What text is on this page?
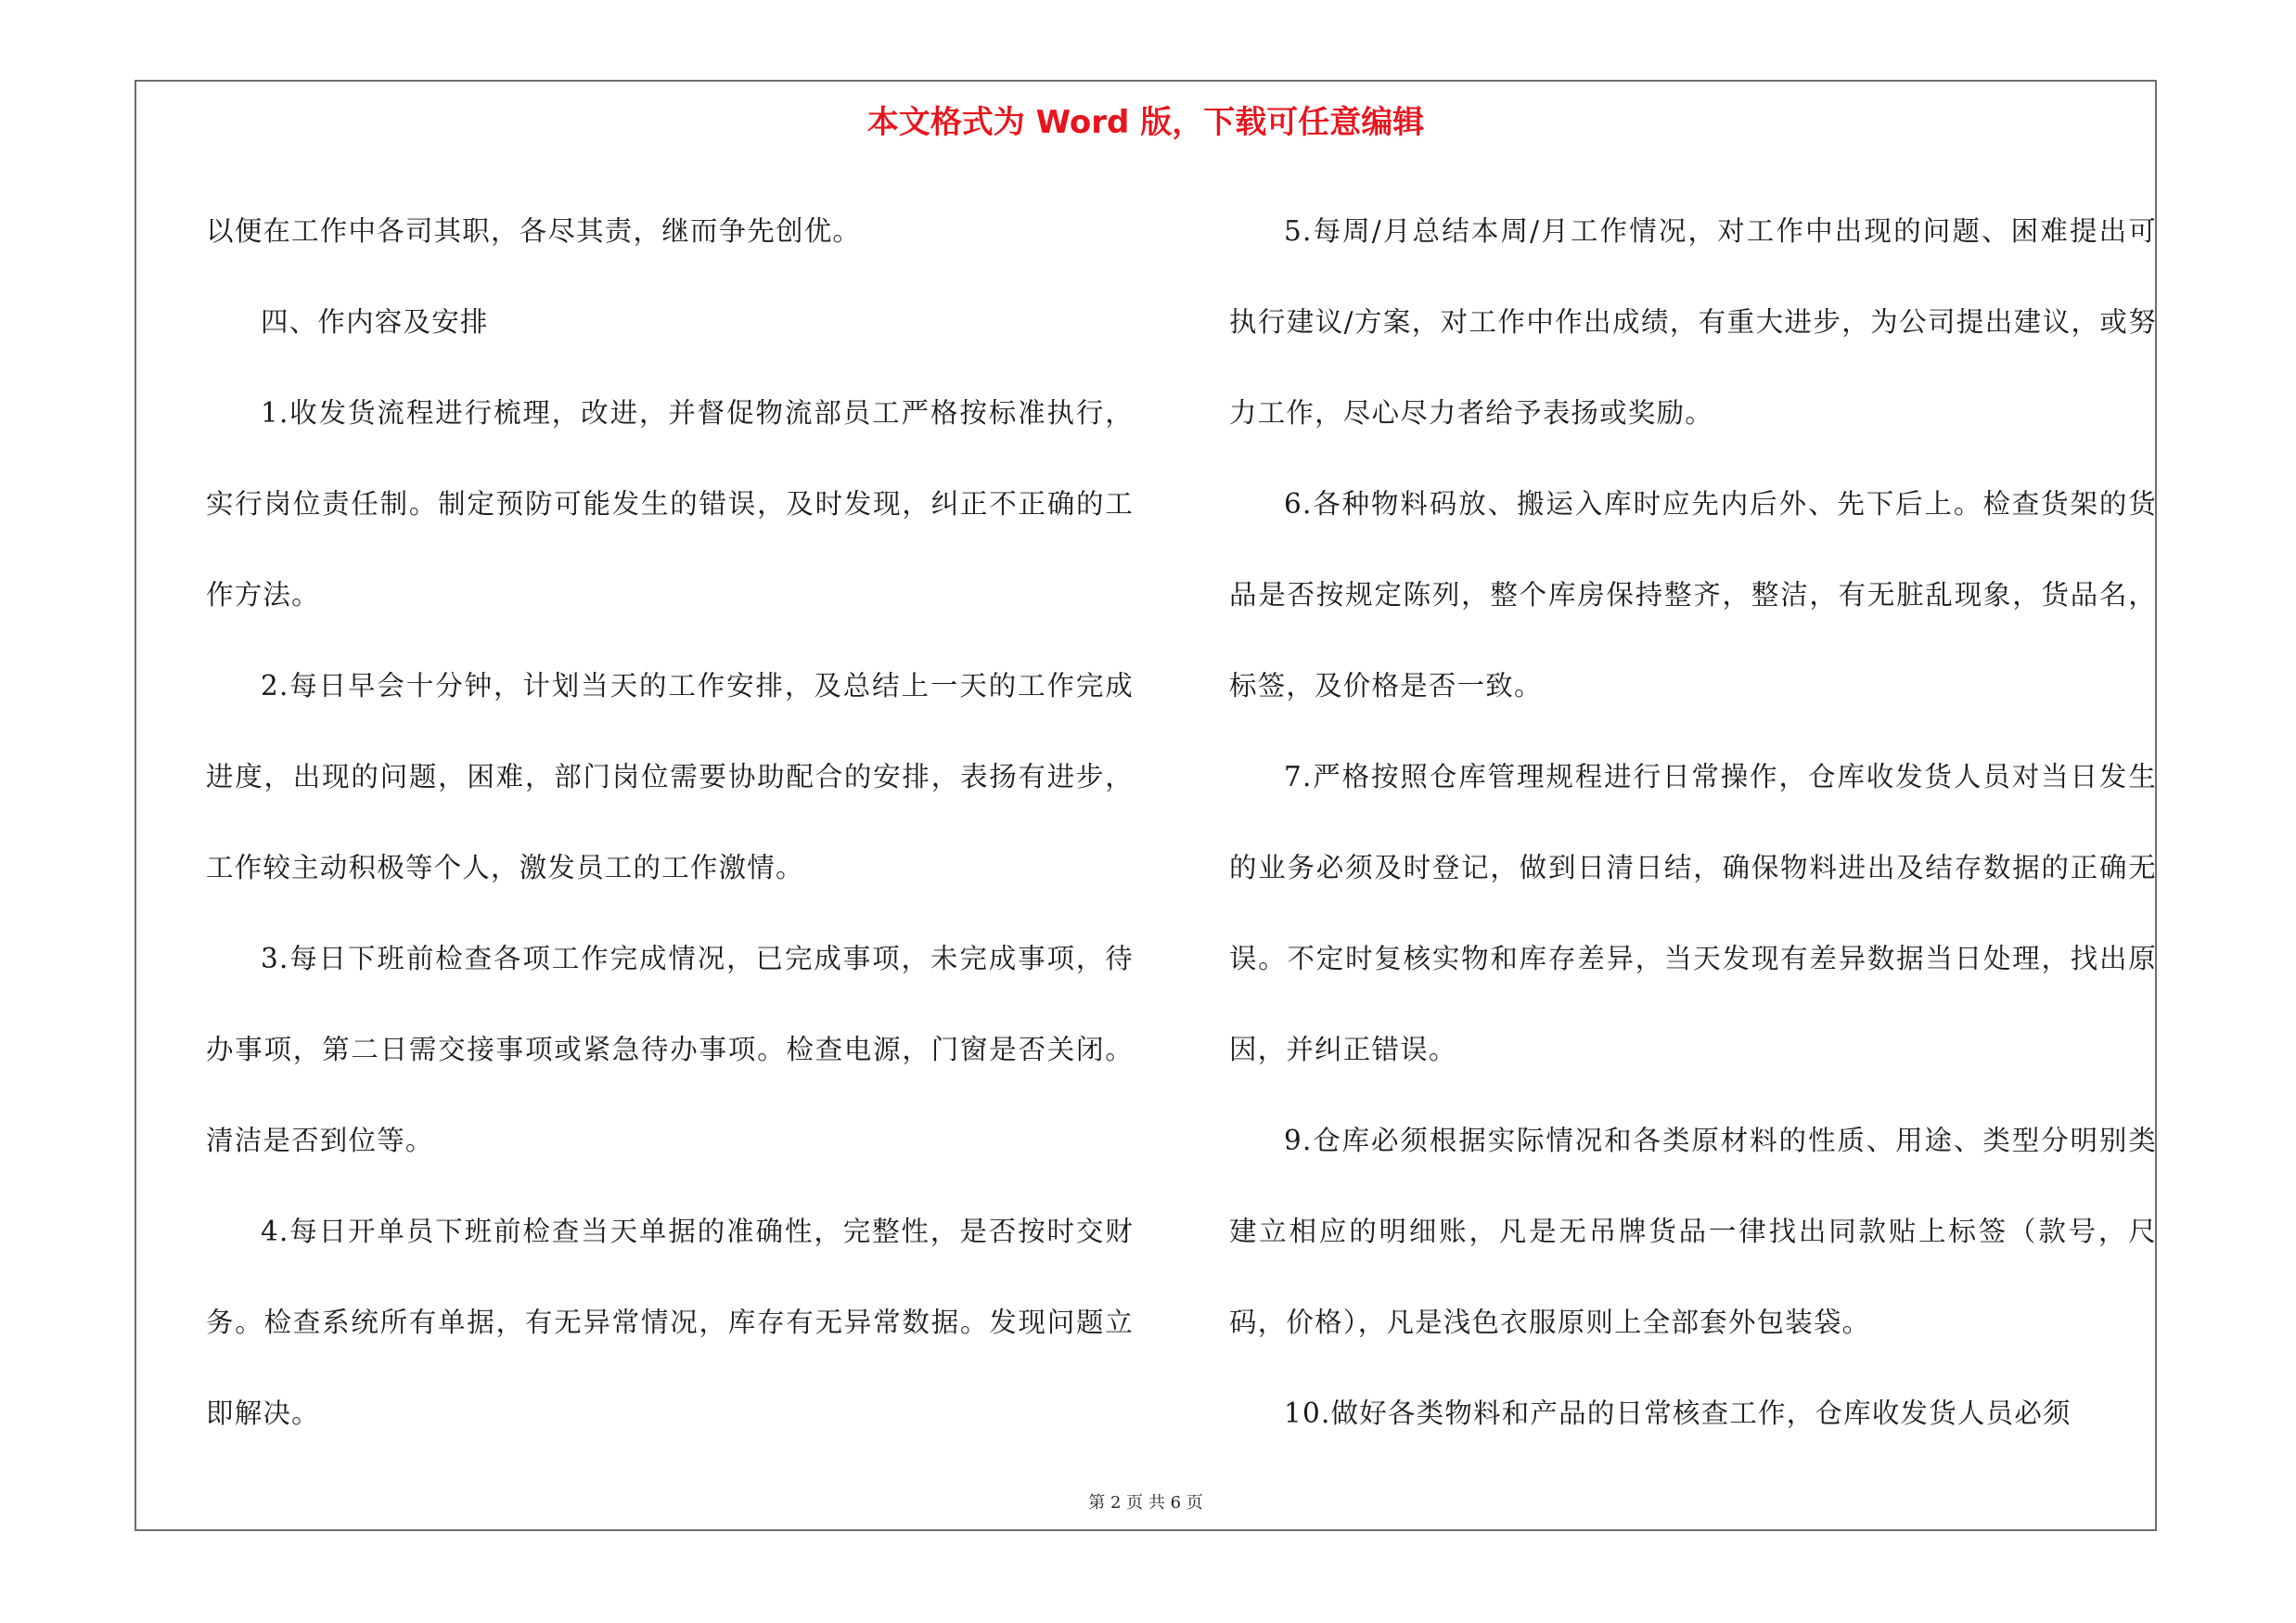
本文格式为 Word 版，下载可任意编辑

以便在工作中各司其职，各尽其责，继而争先创优。

四、作内容及安排

1.收发货流程进行梳理，改进，并督促物流部员工严格按标准执行，实行岗位责任制。制定预防可能发生的错误，及时发现，纠正不正确的工作方法。

2.每日早会十分钟，计划当天的工作安排，及总结上一天的工作完成进度，出现的问题，困难，部门岗位需要协助配合的安排，表扬有进步，工作较主动积极等个人，激发员工的工作激情。

3.每日下班前检查各项工作完成情况，已完成事项，未完成事项，待办事项，第二日需交接事项或紧急待办事项。检查电源，门窗是否关闭。清洁是否到位等。

4.每日开单员下班前检查当天单据的准确性，完整性，是否按时交财务。检查系统所有单据，有无异常情况，库存有无异常数据。发现问题立即解决。

5.每周/月总结本周/月工作情况，对工作中出现的问题、困难提出可执行建议/方案，对工作中作出成绩，有重大进步，为公司提出建议，或努力工作，尽心尽力者给予表扬或奖励。

6.各种物料码放、搬运入库时应先内后外、先下后上。检查货架的货品是否按规定陈列，整个库房保持整齐，整洁，有无脏乱现象，货品名，标签，及价格是否一致。

7.严格按照仓库管理规程进行日常操作，仓库收发货人员对当日发生的业务必须及时登记，做到日清日结，确保物料进出及结存数据的正确无误。不定时复核实物和库存差异，当天发现有差异数据当日处理，找出原因，并纠正错误。

9.仓库必须根据实际情况和各类原材料的性质、用途、类型分明别类建立相应的明细账，凡是无吊牌货品一律找出同款贴上标签（款号，尺码，价格），凡是浅色衣服原则上全部套外包装袋。

10.做好各类物料和产品的日常核查工作，仓库收发货人员必须

第 2 页 共 6 页
